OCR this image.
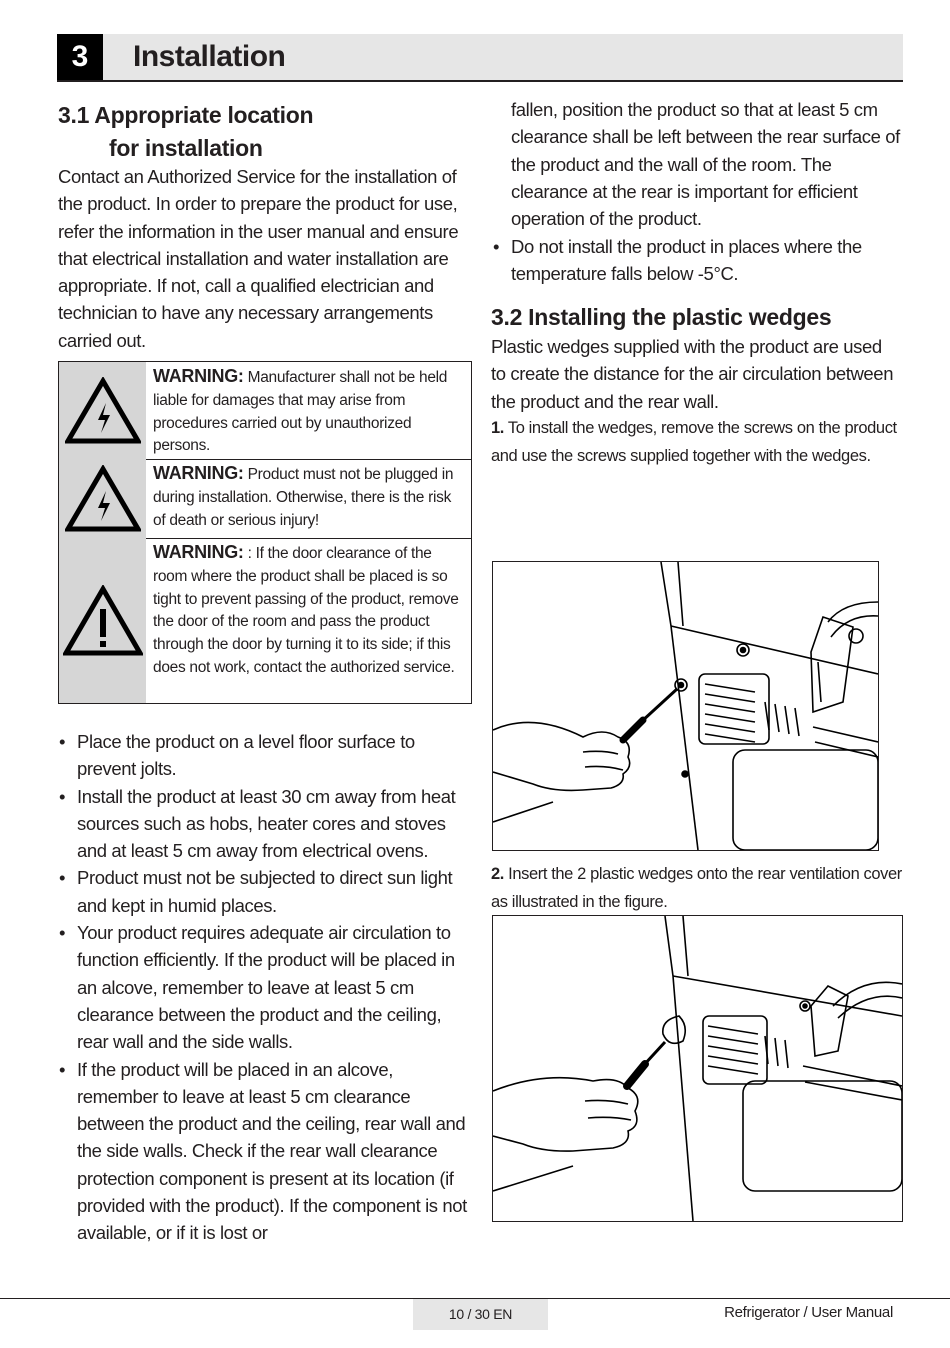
3	Installation
3.1 Appropriate location
for installation
Contact an Authorized Service for the installation of the product. In order to prepare the product for use, refer the information in the user manual and ensure that electrical installation and water installation are appropriate. If not, call a qualified electrician and technician to have any necessary arrangements carried out.
WARNING: Manufacturer shall not be held liable for damages that may arise from procedures carried out by unauthorized persons.
WARNING: Product must not be plugged in during installation. Otherwise, there is the risk of death or serious injury!
WARNING: : If the door clearance of the room where the product shall be placed is so tight to prevent passing of the product, remove the door of the room and pass the product through the door by turning it to its side; if this does not work, contact the authorized service.
• Place the product on a level floor surface to prevent jolts.
• Install the product at least 30 cm away from heat sources such as hobs, heater cores and stoves and at least 5 cm away from electrical ovens.
• Product must not be subjected to direct sun light and kept in humid places.
• Your product requires adequate air circulation to function efficiently. If the product will be placed in an alcove, remember to leave at least 5 cm clearance between the product and the ceiling, rear wall and the side walls.
• If the product will be placed in an alcove, remember to leave at least 5 cm clearance between the product and the ceiling, rear wall and the side walls. Check if the rear wall clearance protection component is present at its location (if provided with the product). If the component is not available, or if it is lost or
fallen, position the product so that at least 5 cm clearance shall be left between the rear surface of the product and the wall of the room. The clearance at the rear is important for efficient operation of the product.
• Do not install the product in places where the temperature falls below -5°C.
3.2 Installing the plastic wedges
Plastic wedges supplied with the product are used to create the distance for the air circulation between the product and the rear wall.
1. To install the wedges, remove the screws on the product and use the screws supplied together with the wedges.
2. Insert the 2 plastic wedges onto the rear ventilation cover as illustrated in the figure.
10 / 30 EN	Refrigerator / User Manual
